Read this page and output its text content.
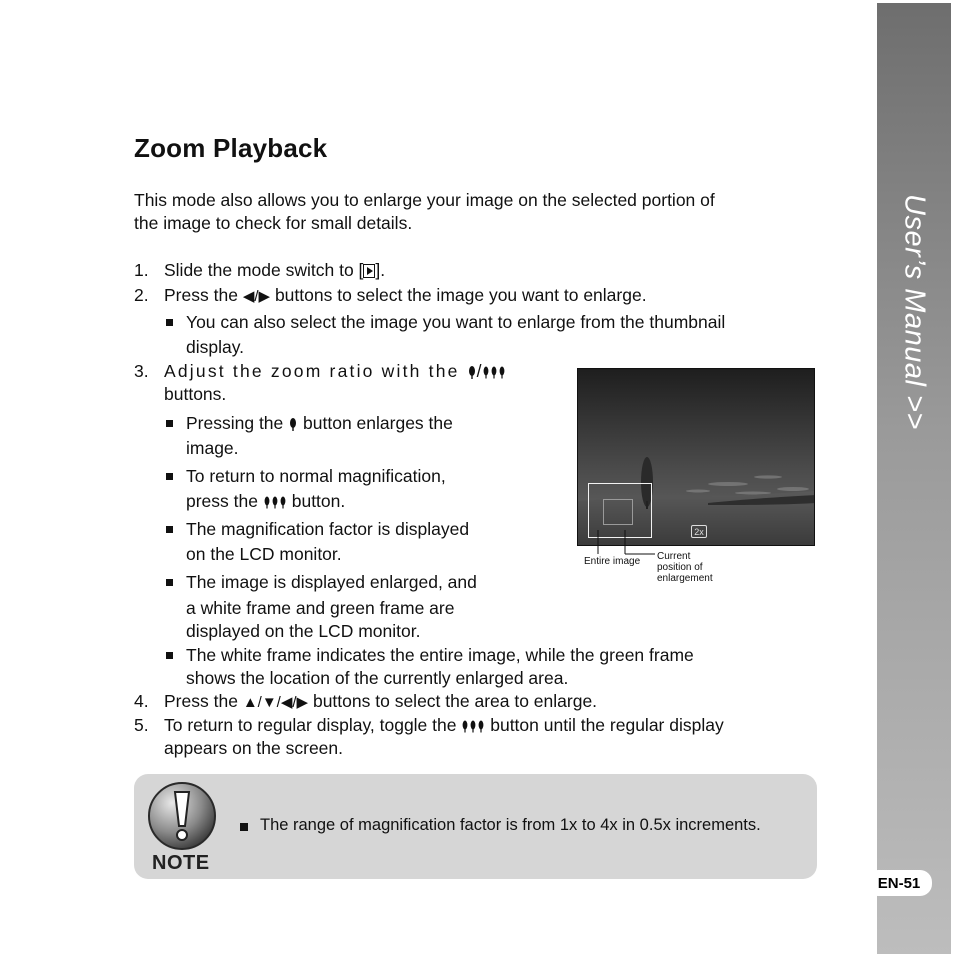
User’s Manual >>
EN-51
Zoom Playback
This mode also allows you to enlarge your image on the selected portion of
the image to check for small details.
1. Slide the mode switch to [ ].
2. Press the ◀/▶ buttons to select the image you want to enlarge.
You can also select the image you want to enlarge from the thumbnail
display.
3. Adjust the zoom ratio with the /
buttons.
Pressing the button enlarges the
image.
To return to normal magnification,
press the button.
The magnification factor is displayed
on the LCD monitor.
The image is displayed enlarged, and
a white frame and green frame are
displayed on the LCD monitor.
The white frame indicates the entire image, while the green frame
shows the location of the currently enlarged area.
4. Press the ▲/▼/◀/▶ buttons to select the area to enlarge.
5. To return to regular display, toggle the button until the regular display
appears on the screen.
2x
Entire image Current
position of
enlargement
NOTE
The range of magnification factor is from 1x to 4x in 0.5x increments.
